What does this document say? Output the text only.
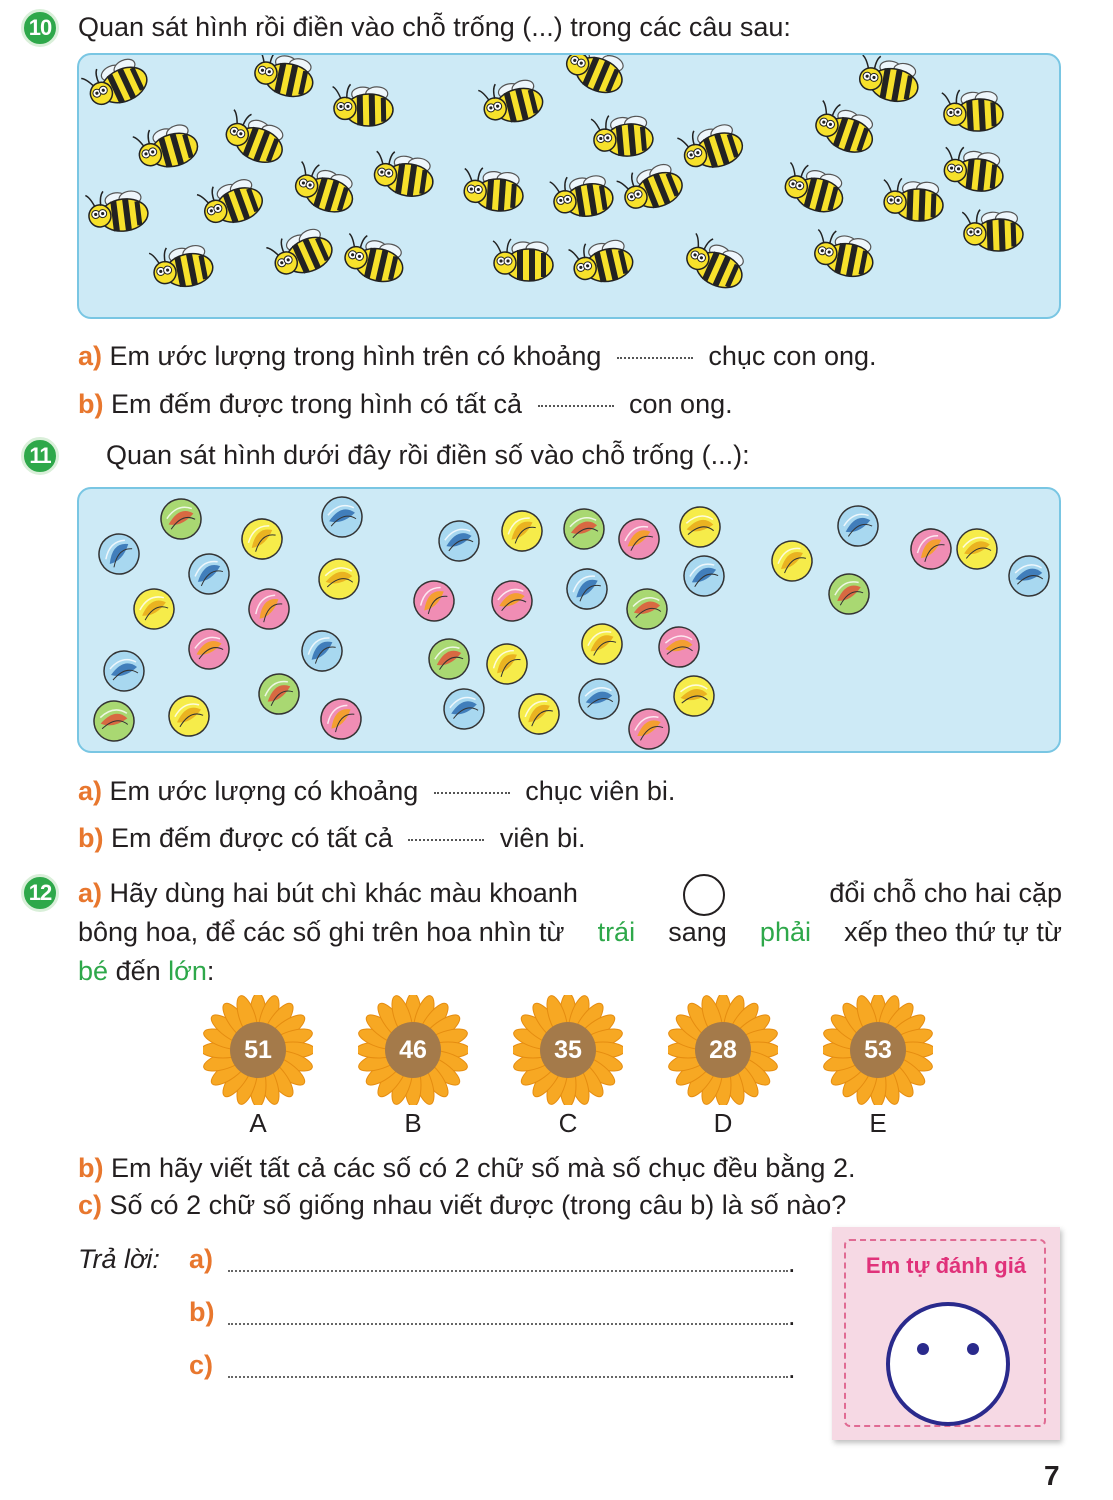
10 Quan sát hình rồi điền vào chỗ trống (...) trong các câu sau:
a) Em ước lượng trong hình trên có khoảng	chục con ong.
b) Em đếm được trong hình có tất cả	con ong.
11	Quan sát hình dưới đây rồi điền số vào chỗ trống (...):
a) Em ước lượng có khoảng	chục viên bi.
b) Em đếm được có tất cả	viên bi.
12 a) Hãy dùng hai bút chì khác màu khoanh	đổi chỗ cho hai cặp
bông hoa, để các số ghi trên hoa nhìn từ trái sang phải xếp theo thứ tự từ
bé đến lớn:
51
A
46
B
35
C
28
D
53
E
b) Em hãy viết tất cả các số có 2 chữ số mà số chục đều bằng 2.
c) Số có 2 chữ số giống nhau viết được (trong câu b) là số nào?
Trả lời: a)	.
b)	.
c)	.
Em tự đánh giá
7
